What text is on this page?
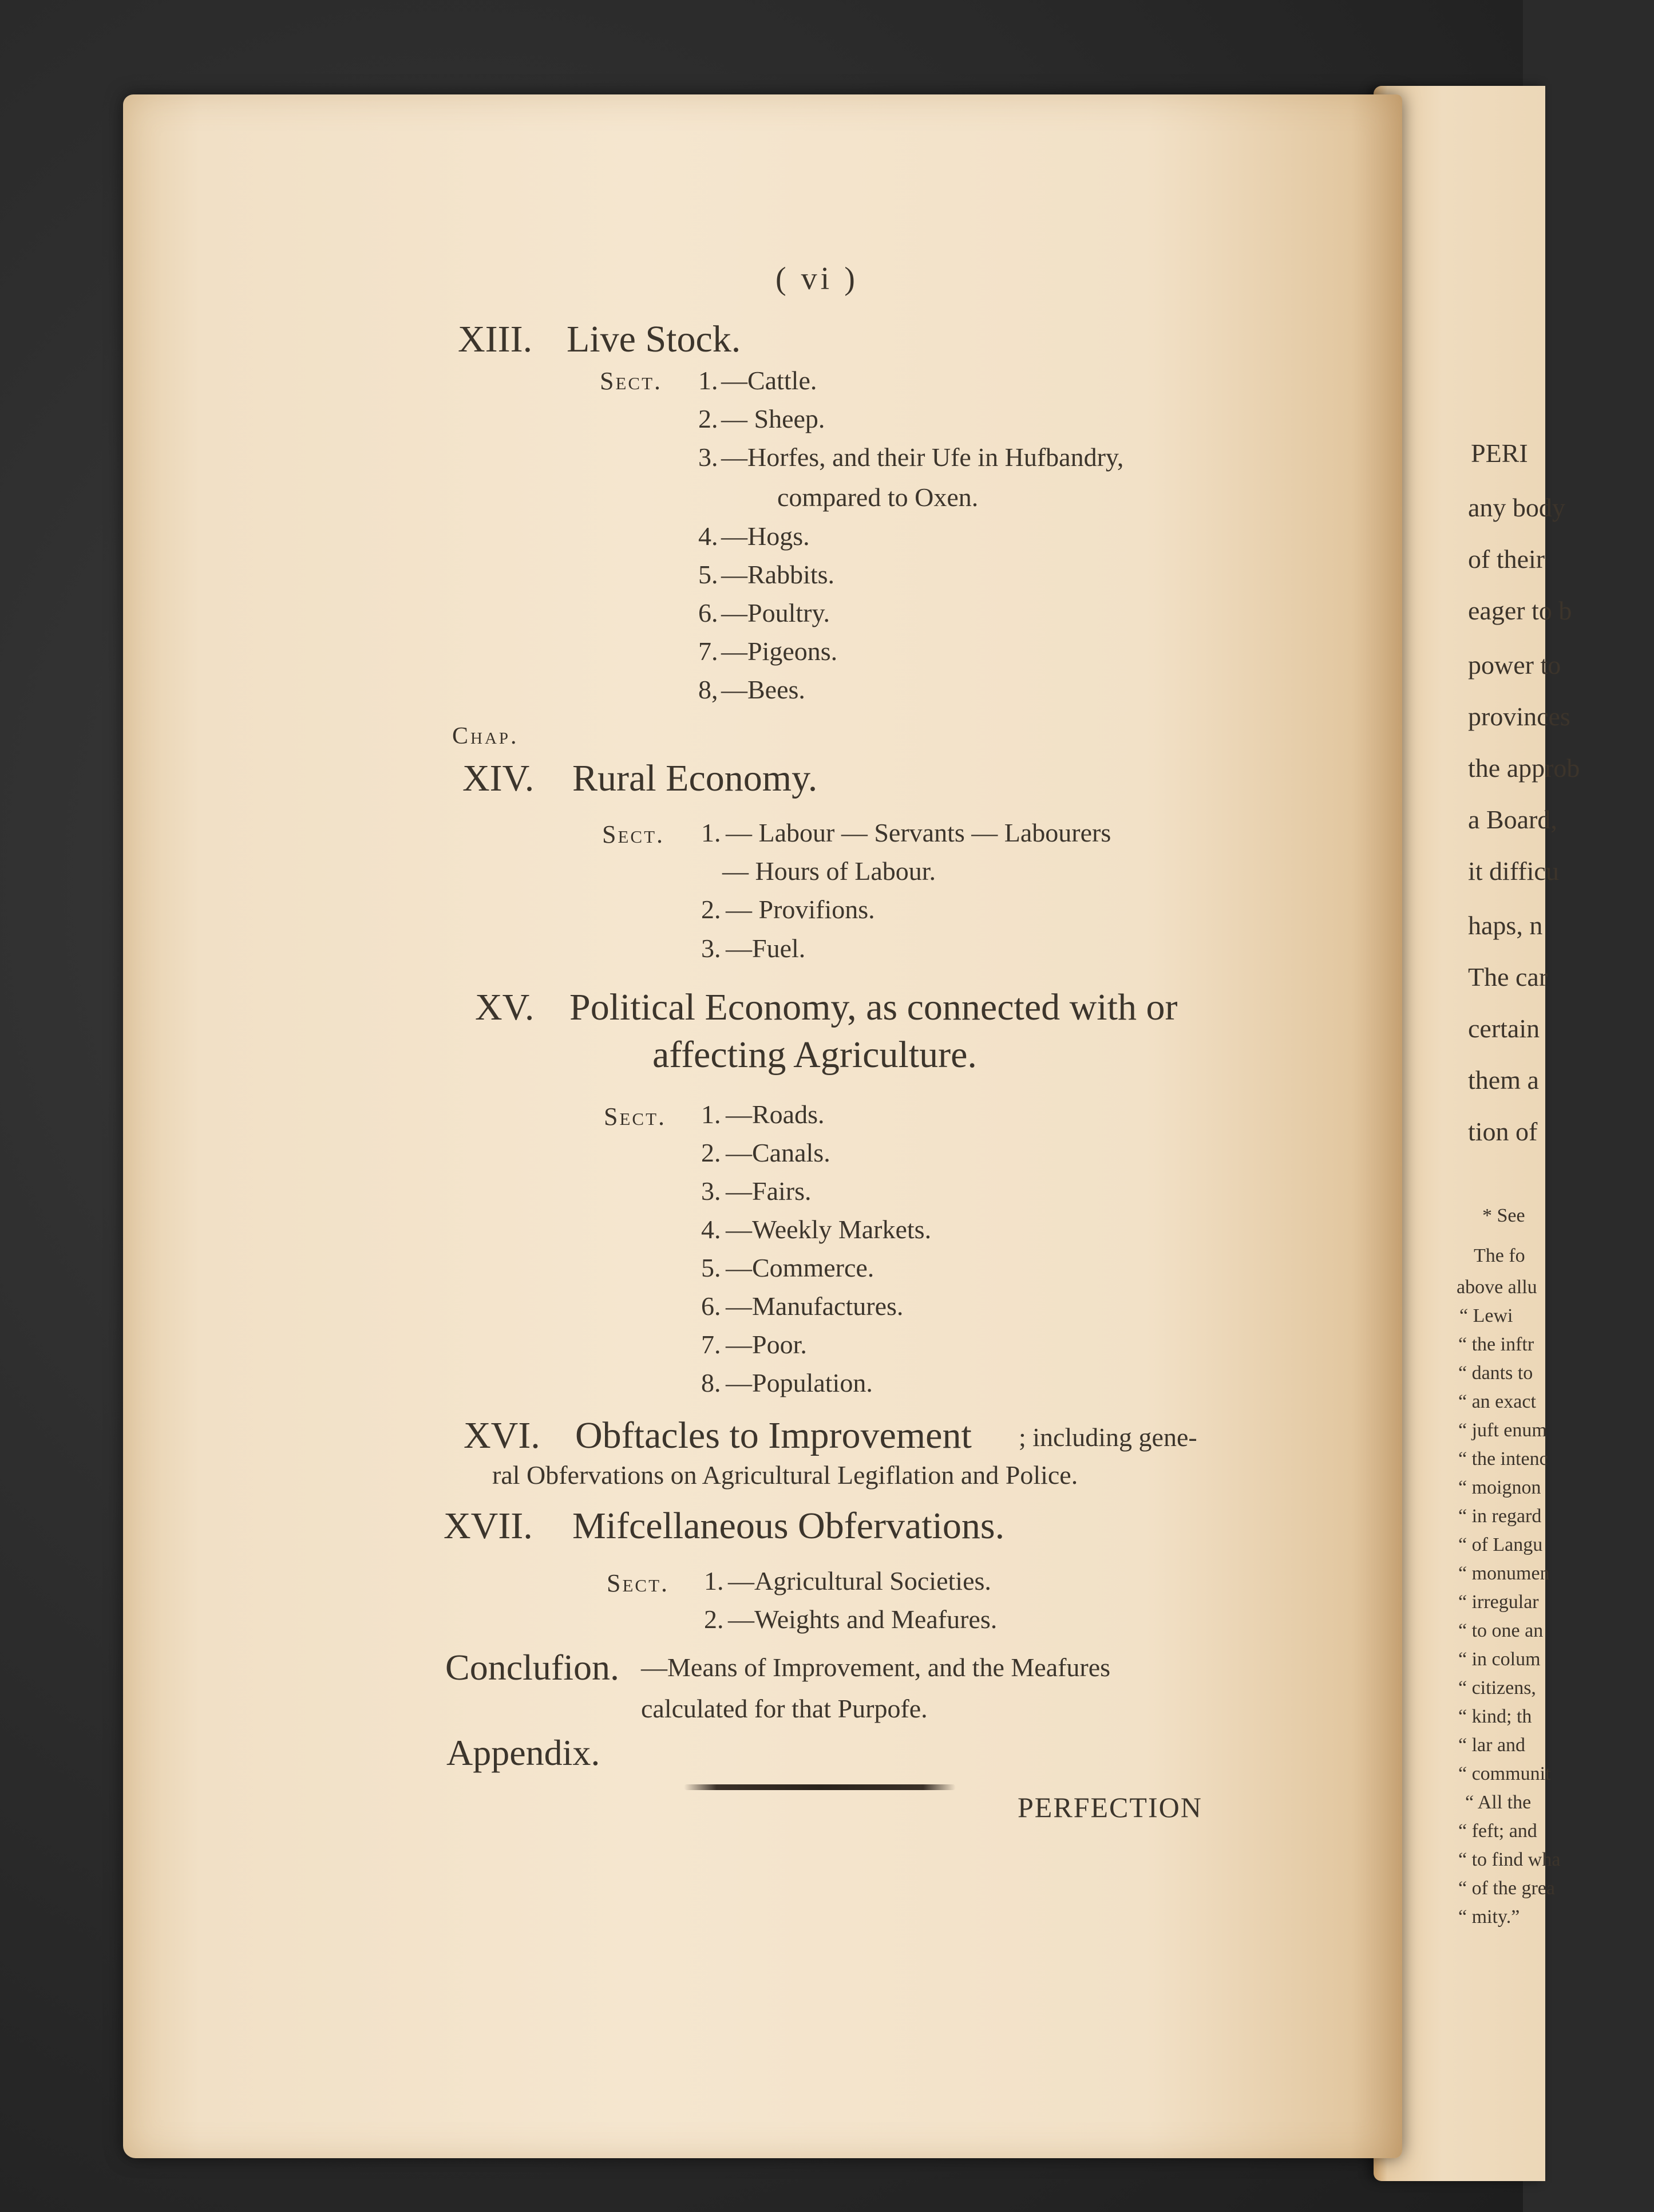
PERI
any body
of their
eager to b
power to
provinces
the approb
a Board,
it difficu
haps, n
The car
certain
them a
tion of
* See
The fo
above allu
“ Lewi
“ the inftr
“ dants to
“ an exact
“ juft enum
“ the intenc
“ moignon
“ in regard
“ of Langu
“ monumen
“ irregular
“ to one an
“ in colum
“ citizens,
“ kind; th
“ lar and
“ communit
“ All the
“ feft; and
“ to find wha
“ of the grea
“ mity.”
( vi )
XIII. Live Stock.
Sect. 1. —Cattle.
2. — Sheep.
3. —Horfes, and their Ufe in Hufbandry,
compared to Oxen.
4. —Hogs.
5. —Rabbits.
6. —Poultry.
7. —Pigeons.
8, —Bees.
Chap.
XIV. Rural Economy.
Sect. 1. — Labour — Servants — Labourers
— Hours of Labour.
2. — Provifions.
3. —Fuel.
XV. Political Economy, as connected with or
affecting Agriculture.
Sect. 1. —Roads.
2. —Canals.
3. —Fairs.
4. —Weekly Markets.
5. —Commerce.
6. —Manufactures.
7. —Poor.
8. —Population.
XVI. Obftacles to Improvement ; including gene-
ral Obfervations on Agricultural Legiflation and Police.
XVII. Mifcellaneous Obfervations.
Sect. 1. —Agricultural Societies.
2. —Weights and Meafures.
Conclufion. —Means of Improvement, and the Meafures
calculated for that Purpofe.
Appendix.
PERFECTION
